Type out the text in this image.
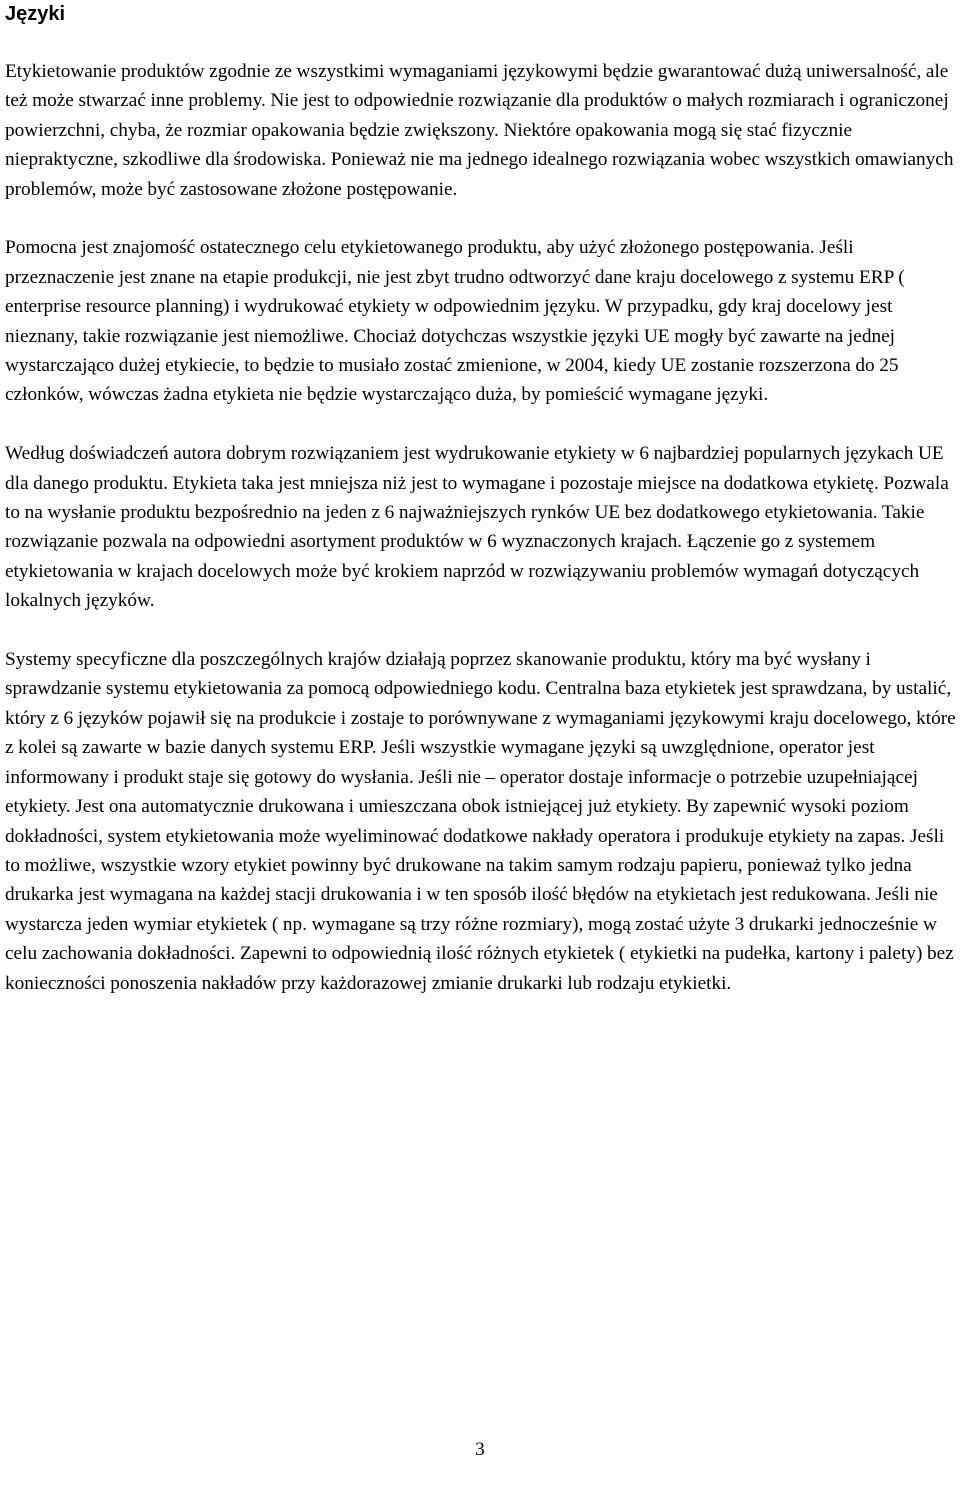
Języki

Etykietowanie produktów zgodnie ze wszystkimi wymaganiami językowymi będzie gwarantować dużą uniwersalność, ale też może stwarzać inne problemy. Nie jest to odpowiednie rozwiązanie dla produktów o małych rozmiarach i ograniczonej powierzchni, chyba, że rozmiar opakowania będzie zwiększony. Niektóre opakowania mogą się stać fizycznie niepraktyczne, szkodliwe dla środowiska. Ponieważ nie ma jednego idealnego rozwiązania wobec wszystkich omawianych problemów, może być zastosowane złożone postępowanie.

Pomocna jest znajomość ostatecznego celu etykietowanego produktu, aby użyć złożonego postępowania. Jeśli przeznaczenie jest znane na etapie produkcji, nie jest zbyt trudno odtworzyć dane kraju docelowego z systemu ERP ( enterprise resource planning) i wydrukować etykiety w odpowiednim języku. W przypadku, gdy kraj docelowy jest nieznany, takie rozwiązanie jest niemożliwe. Chociaż dotychczas wszystkie języki UE mogły być zawarte na jednej wystarczająco dużej etykiecie, to będzie to musiało zostać zmienione, w 2004, kiedy UE zostanie rozszerzona do 25 członków, wówczas żadna etykieta nie będzie wystarczająco duża, by pomieścić wymagane języki.

Według doświadczeń autora dobrym rozwiązaniem jest wydrukowanie etykiety w 6 najbardziej popularnych językach UE dla danego produktu. Etykieta taka jest mniejsza niż jest to wymagane i pozostaje miejsce na dodatkowa etykietę. Pozwala to na wysłanie produktu bezpośrednio na jeden z 6 najważniejszych rynków UE bez dodatkowego etykietowania. Takie rozwiązanie pozwala na odpowiedni asortyment produktów w 6 wyznaczonych krajach. Łączenie go z systemem etykietowania w krajach docelowych może być krokiem naprzód w rozwiązywaniu problemów wymagań dotyczących lokalnych języków.

Systemy specyficzne dla poszczególnych krajów działają poprzez skanowanie produktu, który ma być wysłany i sprawdzanie systemu etykietowania za pomocą odpowiedniego kodu. Centralna baza etykietek jest sprawdzana, by ustalić, który z 6 języków pojawił się na produkcie i zostaje to porównywane z wymaganiami językowymi kraju docelowego, które z kolei są zawarte w bazie danych systemu ERP. Jeśli wszystkie wymagane języki są uwzględnione, operator jest informowany i produkt staje się gotowy do wysłania. Jeśli nie – operator dostaje informacje o potrzebie uzupełniającej etykiety. Jest ona automatycznie drukowana i umieszczana obok istniejącej już etykiety. By zapewnić wysoki poziom dokładności, system etykietowania może wyeliminować dodatkowe nakłady operatora i produkuje etykiety na zapas. Jeśli to możliwe, wszystkie wzory etykiet powinny być drukowane na takim samym rodzaju papieru, ponieważ tylko jedna drukarka jest wymagana na każdej stacji drukowania i w ten sposób ilość błędów na etykietach jest redukowana. Jeśli nie wystarcza jeden wymiar etykietek ( np. wymagane są trzy różne rozmiary), mogą zostać użyte 3 drukarki jednocześnie w celu zachowania dokładności. Zapewni to odpowiednią ilość różnych etykietek ( etykietki na pudełka, kartony i palety) bez konieczności ponoszenia nakładów przy każdorazowej zmianie drukarki lub rodzaju etykietki.

3
